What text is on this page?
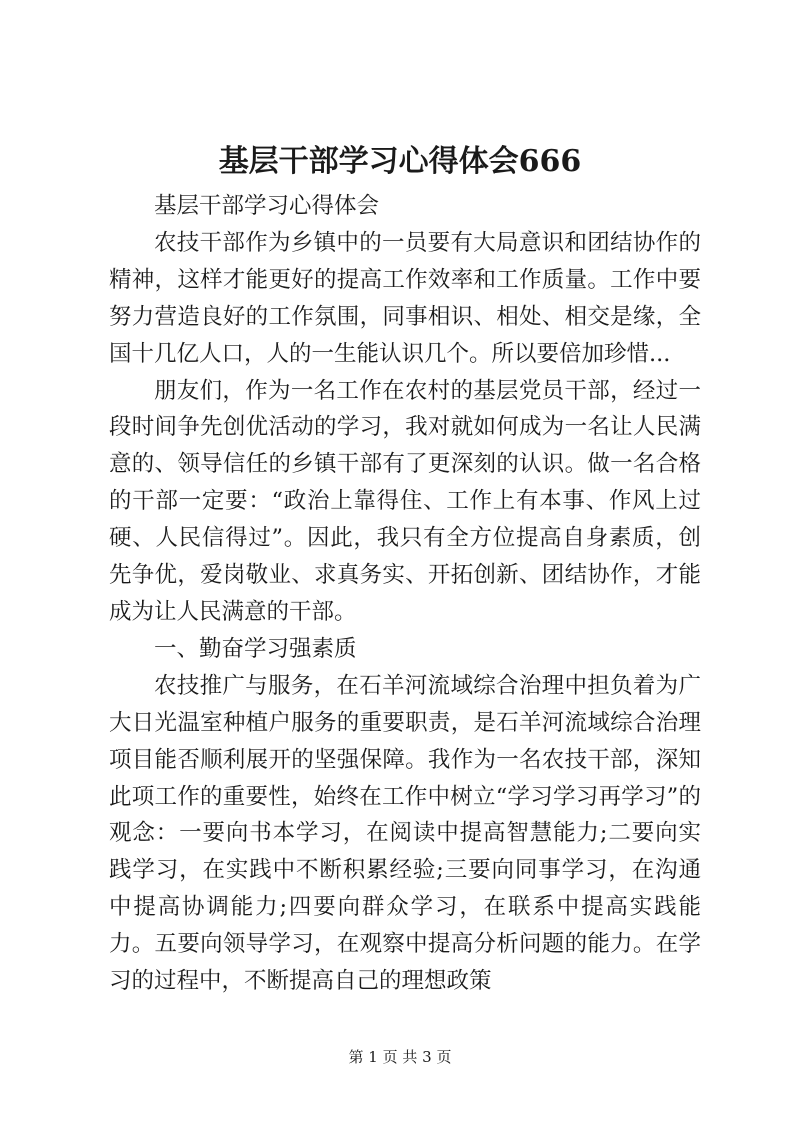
基层干部学习心得体会666

基层干部学习心得体会

农技干部作为乡镇中的一员要有大局意识和团结协作的精神，这样才能更好的提高工作效率和工作质量。工作中要努力营造良好的工作氛围，同事相识、相处、相交是缘，全国十几亿人口，人的一生能认识几个。所以要倍加珍惜...

朋友们，作为一名工作在农村的基层党员干部，经过一段时间争先创优活动的学习，我对就如何成为一名让人民满意的、领导信任的乡镇干部有了更深刻的认识。做一名合格的干部一定要：“政治上靠得住、工作上有本事、作风上过硬、人民信得过”。因此，我只有全方位提高自身素质，创先争优，爱岗敬业、求真务实、开拓创新、团结协作，才能成为让人民满意的干部。

一、勤奋学习强素质

农技推广与服务，在石羊河流域综合治理中担负着为广大日光温室种植户服务的重要职责，是石羊河流域综合治理项目能否顺利展开的坚强保障。我作为一名农技干部，深知此项工作的重要性，始终在工作中树立“学习学习再学习”的观念：一要向书本学习，在阅读中提高智慧能力;二要向实践学习，在实践中不断积累经验;三要向同事学习，在沟通中提高协调能力;四要向群众学习，在联系中提高实践能力。五要向领导学习，在观察中提高分析问题的能力。在学习的过程中，不断提高自己的理想政策

第 1 页 共 3 页
